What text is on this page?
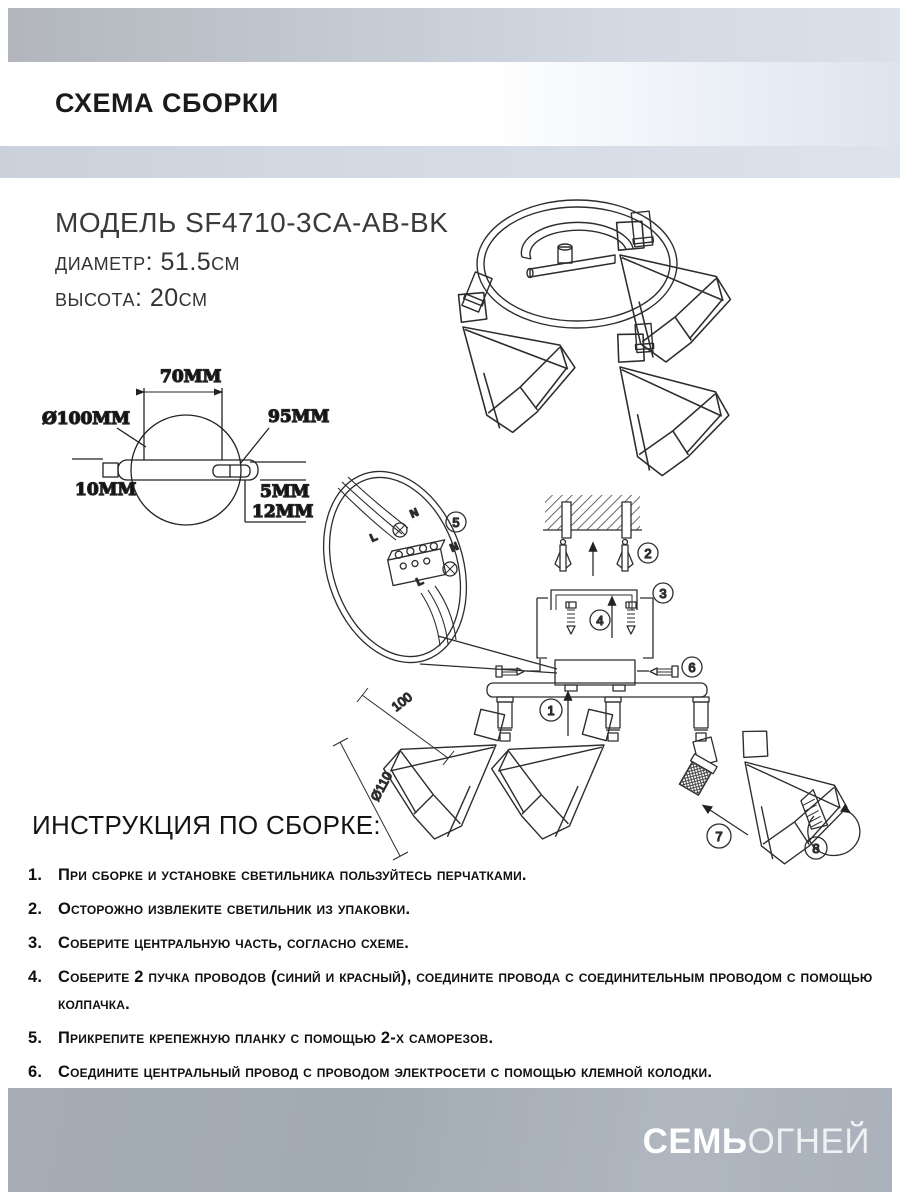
СХЕМА СБОРКИ
МОДЕЛЬ SF4710-3CA-AB-BK
диаметр: 51.5см
высота: 20см
70MM
Ø100MM	95MM
10MM	5MM
12MM	N
L
N
L
100
Ø110
5
2
3
4
6
1
7
8
ИНСТРУКЦИЯ ПО СБОРКЕ:
1. При сборке и установке светильника пользуйтесь перчатками.
2. Осторожно извлеките светильник из упаковки.
3. Соберите центральную часть, согласно схеме.
4. Соберите 2 пучка проводов (синий и красный), соедините провода с соединительным проводом с помощью колпачка.
5. Прикрепите крепежную планку с помощью 2-х саморезов.
6. Соедините центральный провод с проводом электросети с помощью клемной колодки.
СЕМЬОГНЕЙ
